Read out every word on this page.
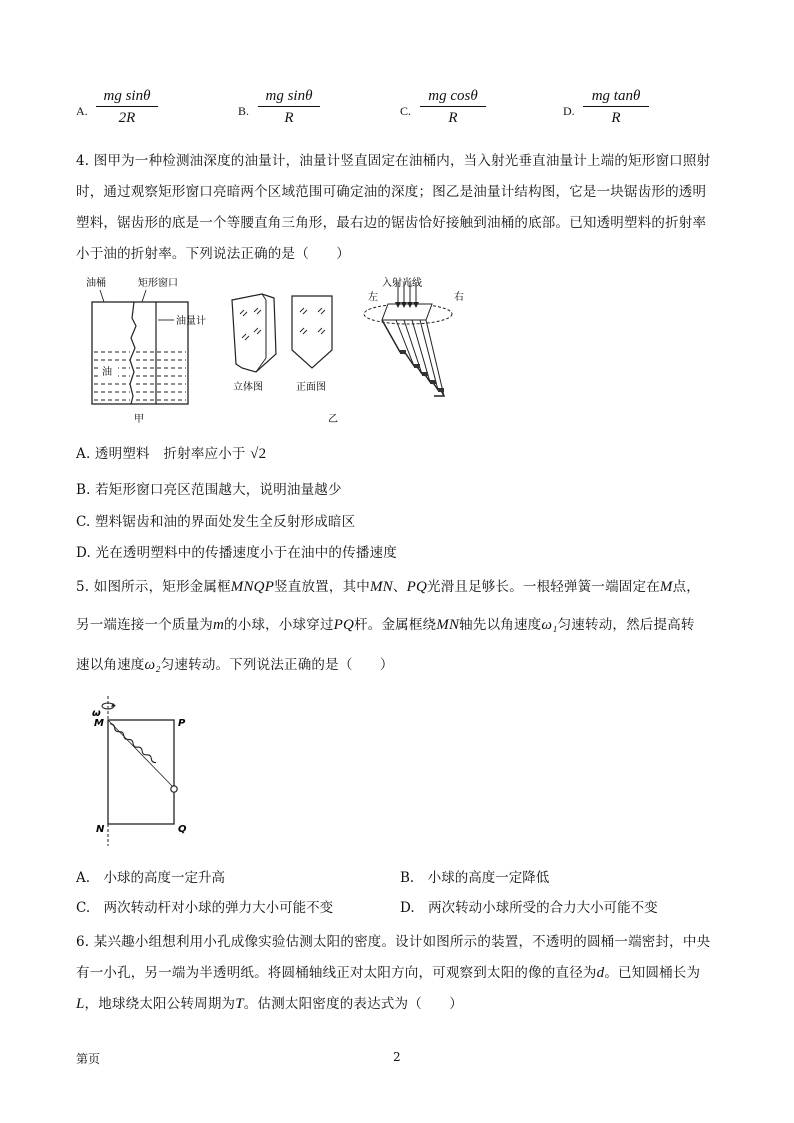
A. $\frac{\text{mg sinθ}}{2R}$	B. $\frac{\text{mg sinθ}}{R}$	C. $\frac{\text{mg cosθ}}{R}$	D. $\frac{\text{mg tanθ}}{R}$
4. 图甲为一种检测油深度的油量计，油量计竖直固定在油桶内，当入射光垂直油量计上端的矩形窗口照射
时，通过观察矩形窗口亮暗两个区域范围可确定油的深度；图乙是油量计结构图，它是一块锯齿形的透明
塑料，锯齿形的底是一个等腰直角三角形，最右边的锯齿恰好接触到油桶的底部。已知透明塑料的折射率
小于油的折射率。下列说法正确的是（　　）
油桶	矩形窗口
油量计
油
甲
立体图	正面图
乙
入射光线
左	右
A. 透明塑料　折射率应小于 √2
B. 若矩形窗口亮区范围越大，说明油量越少
C. 塑料锯齿和油的界面处发生全反射形成暗区
D. 光在透明塑料中的传播速度小于在油中的传播速度
5. 如图所示，矩形金属框MNQP竖直放置，其中MN、PQ光滑且足够长。一根轻弹簧一端固定在M点，
另一端连接一个质量为m的小球，小球穿过PQ杆。金属框绕MN轴先以角速度ω₁匀速转动，然后提高转
速以角速度ω₂匀速转动。下列说法正确的是（　　）
ω
M	P
N	Q
A.　小球的高度一定升高	B.　小球的高度一定降低
C.　两次转动杆对小球的弹力大小可能不变	D.　两次转动小球所受的合力大小可能不变
6. 某兴趣小组想利用小孔成像实验估测太阳的密度。设计如图所示的装置，不透明的圆桶一端密封，中央
有一小孔，另一端为半透明纸。将圆桶轴线正对太阳方向，可观察到太阳的像的直径为d。已知圆桶长为
L，地球绕太阳公转周期为T。估测太阳密度的表达式为（　　）
第页	2
